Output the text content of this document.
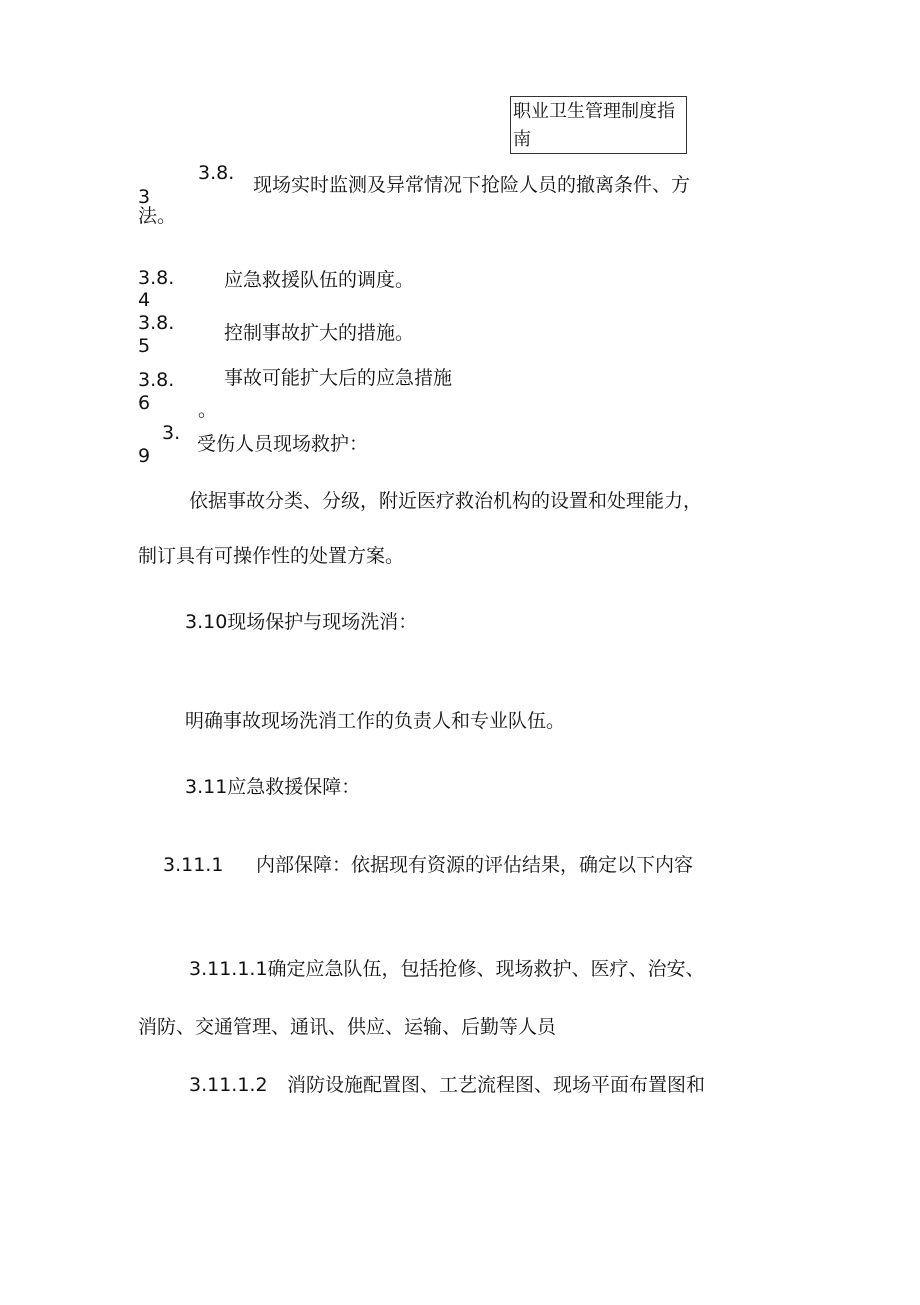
职业卫生管理制度指
南
3.8.
现场实时监测及异常情况下抢险人员的撤离条件、方
3
法。
3.8.	应急救援队伍的调度。
4
3.8.	控制事故扩大的措施。
5
3.8.	事故可能扩大后的应急措施
6	。
3. 受伤人员现场救护：
9
依据事故分类、分级，附近医疗救治机构的设置和处理能力，
制订具有可操作性的处置方案。
3.10现场保护与现场洗消：
明确事故现场洗消工作的负责人和专业队伍。
3.11应急救援保障：
3.11.1 内部保障：依据现有资源的评估结果，确定以下内容
3.11.1.1确定应急队伍，包括抢修、现场救护、医疗、治安、
消防、交通管理、通讯、供应、运输、后勤等人员
3.11.1.2 消防设施配置图、工艺流程图、现场平面布置图和
